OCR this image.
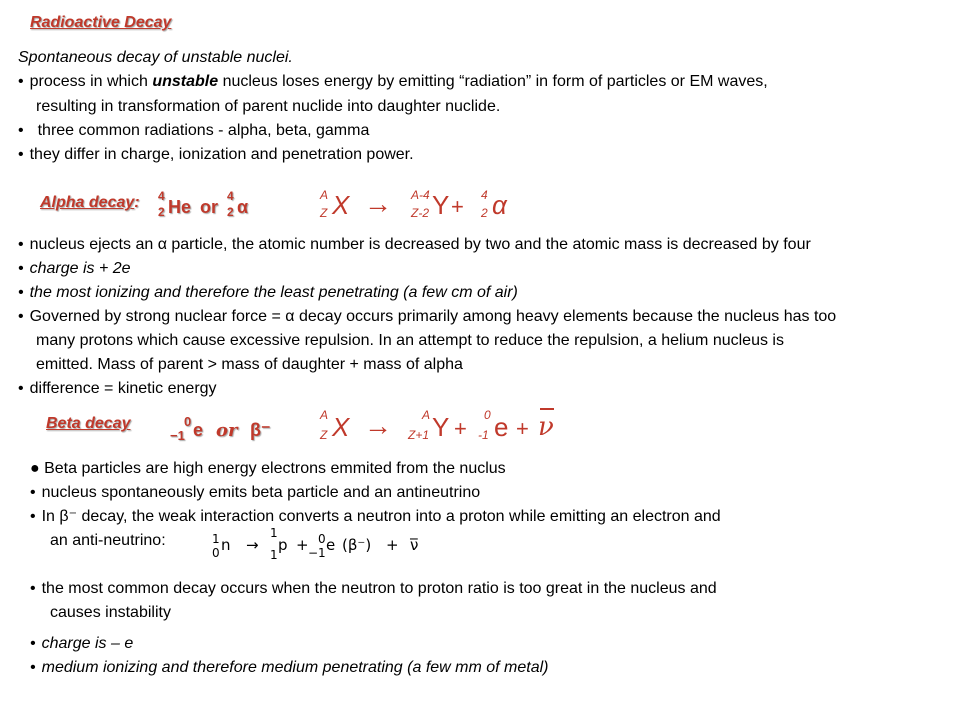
Radioactive Decay
Spontaneous decay of unstable nuclei.
• process in which unstable nucleus loses energy by emitting “radiation” in form of particles or EM waves,
resulting in transformation of parent nuclide into daughter nuclide.
• three common radiations - alpha, beta, gamma
• they differ in charge, ionization and penetration power.
Alpha decay: 4
2 He or
4
2 α
A
Z X → A-4
Z-2 Y + 4
2 α
• nucleus ejects an α particle, the atomic number is decreased by two and the atomic mass is decreased by four
• charge is + 2e
• the most ionizing and therefore the least penetrating (a few cm of air)
• Governed by strong nuclear force = α decay occurs primarily among heavy elements because the nucleus has too
many protons which cause excessive repulsion. In an attempt to reduce the repulsion, a helium nucleus is
emitted. Mass of parent > mass of daughter + mass of alpha
• difference = kinetic energy
Beta decay	0
−1 e or β⁻
A
Z X →	A
Z+1 Y +
0
-1 e + ν
● Beta particles are high energy electrons emmited from the nuclus
• nucleus spontaneously emits beta particle and an antineutrino
• In β⁻ decay, the weak interaction converts a neutron into a proton while emitting an electron and
an anti-neutrino:	1
0 n →
1
1
p + 0
−1 e (β⁻) + ν̅
• the most common decay occurs when the neutron to proton ratio is too great in the nucleus and
causes instability
• charge is – e
• medium ionizing and therefore medium penetrating (a few mm of metal)
